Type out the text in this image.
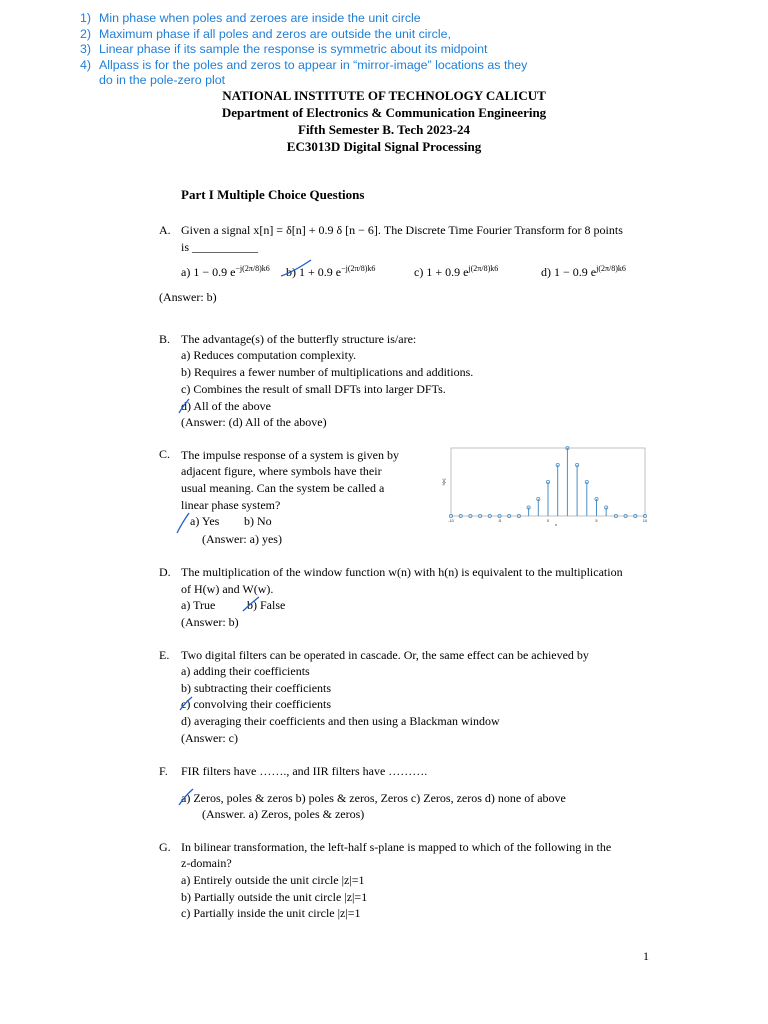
1) Min phase when poles and zeroes are inside the unit circle
2) Maximum phase if all poles and zeros are outside the unit circle,
3) Linear phase if its sample the response is symmetric about its midpoint
4) Allpass is for the poles and zeros to appear in “mirror-image” locations as they
do in the pole-zero plot
NATIONAL INSTITUTE OF TECHNOLOGY CALICUT
Department of Electronics & Communication Engineering
Fifth Semester B. Tech 2023-24
EC3013D Digital Signal Processing
Part I Multiple Choice Questions
A. Given a signal x[n] = δ[n] + 0.9 δ [n − 6]. The Discrete Time Fourier Transform for 8 points
is ___________
a) 1 − 0.9 $e^{-j(2\pi/8)k6}$ b) 1 + 0.9 $e^{-j(2\pi/8)k6}$	c) 1 + 0.9 $e^{j(2\pi/8)k6}$	d) 1 − 0.9 $e^{j(2\pi/8)k6}$
(Answer: b)
B. The advantage(s) of the butterfly structure is/are:
a) Reduces computation complexity.
b) Requires a fewer number of multiplications and additions.
c) Combines the result of small DFTs into larger DFTs.
d) All of the above
(Answer: (d) All of the above)
C. The impulse response of a system is given by
adjacent figure, where symbols have their
usual meaning. Can the system be called a
linear phase system?
a) Yes b) No
(Answer: a) yes)
-10	-5	0	5	10
n
h[n]
D. The multiplication of the window function w(n) with h(n) is equivalent to the multiplication
of H(w) and W(w).
a) True	b) False
(Answer: b)
E. Two digital filters can be operated in cascade. Or, the same effect can be achieved by
a) adding their coefficients
b) subtracting their coefficients
c) convolving their coefficients
d) averaging their coefficients and then using a Blackman window
(Answer: c)
F. FIR filters have ……., and IIR filters have ……….
a) Zeros, poles & zeros b) poles & zeros, Zeros c) Zeros, zeros d) none of above
(Answer. a) Zeros, poles & zeros)
G. In bilinear transformation, the left-half s-plane is mapped to which of the following in the
z-domain?
a) Entirely outside the unit circle |z|=1
b) Partially outside the unit circle |z|=1
c) Partially inside the unit circle |z|=1
1
